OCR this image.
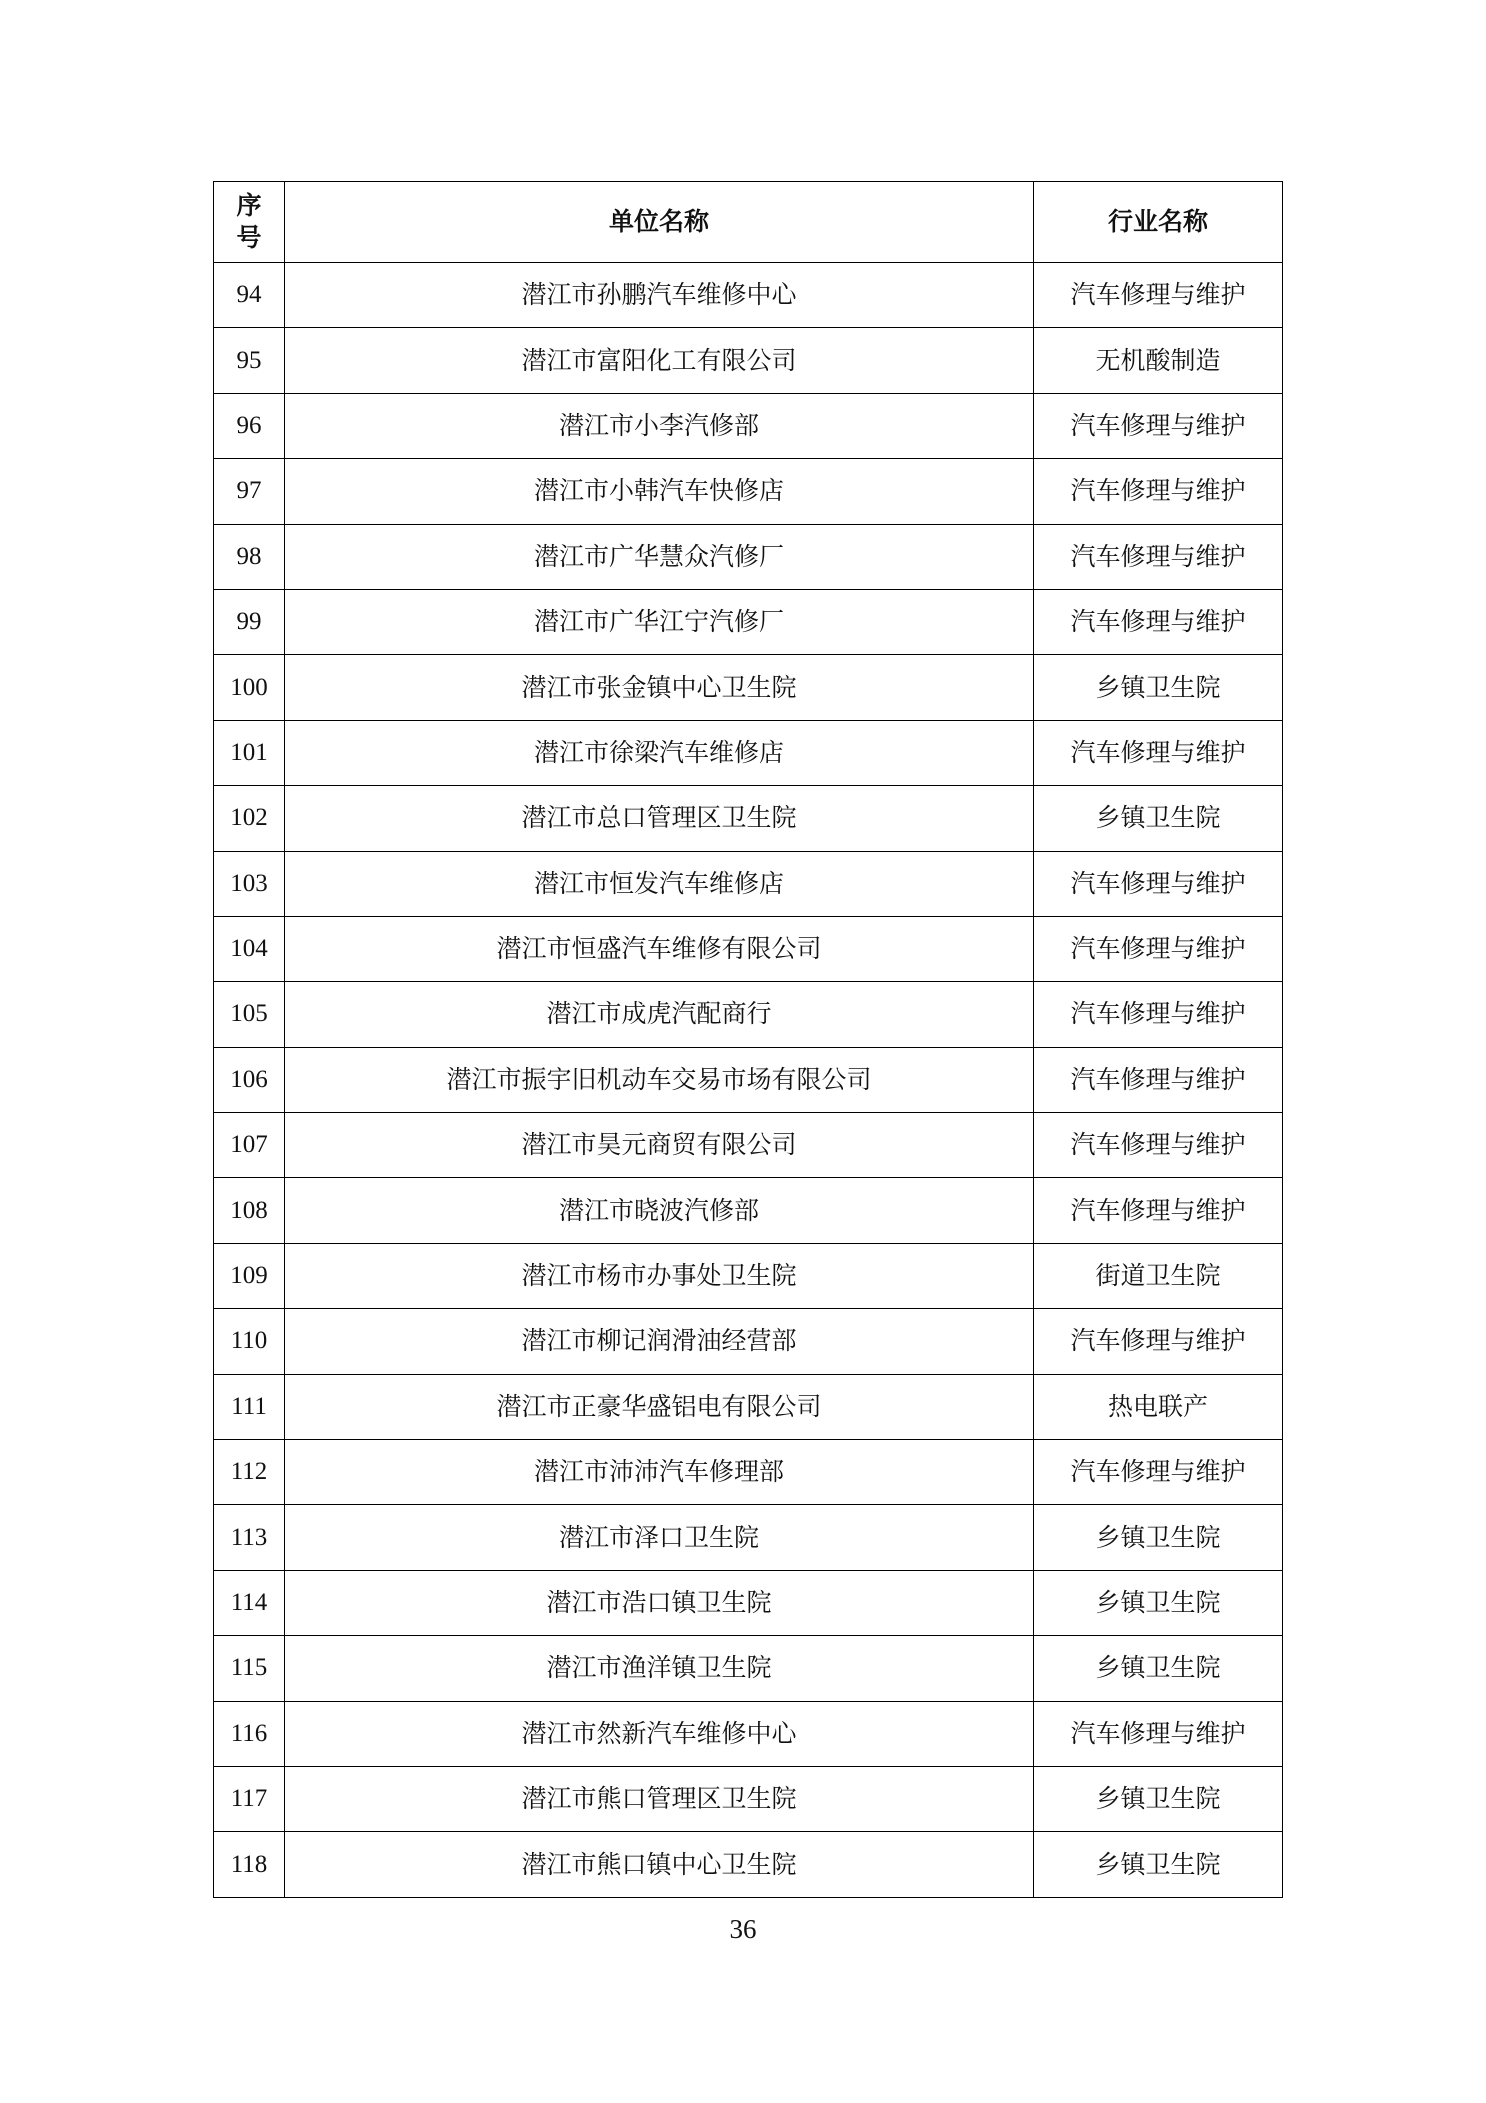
序
号	单位名称	行业名称
94	潜江市孙鹏汽车维修中心	汽车修理与维护
95	潜江市富阳化工有限公司	无机酸制造
96	潜江市小李汽修部	汽车修理与维护
97	潜江市小韩汽车快修店	汽车修理与维护
98	潜江市广华慧众汽修厂	汽车修理与维护
99	潜江市广华江宁汽修厂	汽车修理与维护
100	潜江市张金镇中心卫生院	乡镇卫生院
101	潜江市徐梁汽车维修店	汽车修理与维护
102	潜江市总口管理区卫生院	乡镇卫生院
103	潜江市恒发汽车维修店	汽车修理与维护
104	潜江市恒盛汽车维修有限公司	汽车修理与维护
105	潜江市成虎汽配商行	汽车修理与维护
106	潜江市振宇旧机动车交易市场有限公司	汽车修理与维护
107	潜江市昊元商贸有限公司	汽车修理与维护
108	潜江市晓波汽修部	汽车修理与维护
109	潜江市杨市办事处卫生院	街道卫生院
110	潜江市柳记润滑油经营部	汽车修理与维护
111	潜江市正豪华盛铝电有限公司	热电联产
112	潜江市沛沛汽车修理部	汽车修理与维护
113	潜江市泽口卫生院	乡镇卫生院
114	潜江市浩口镇卫生院	乡镇卫生院
115	潜江市渔洋镇卫生院	乡镇卫生院
116	潜江市然新汽车维修中心	汽车修理与维护
117	潜江市熊口管理区卫生院	乡镇卫生院
118	潜江市熊口镇中心卫生院	乡镇卫生院
36
